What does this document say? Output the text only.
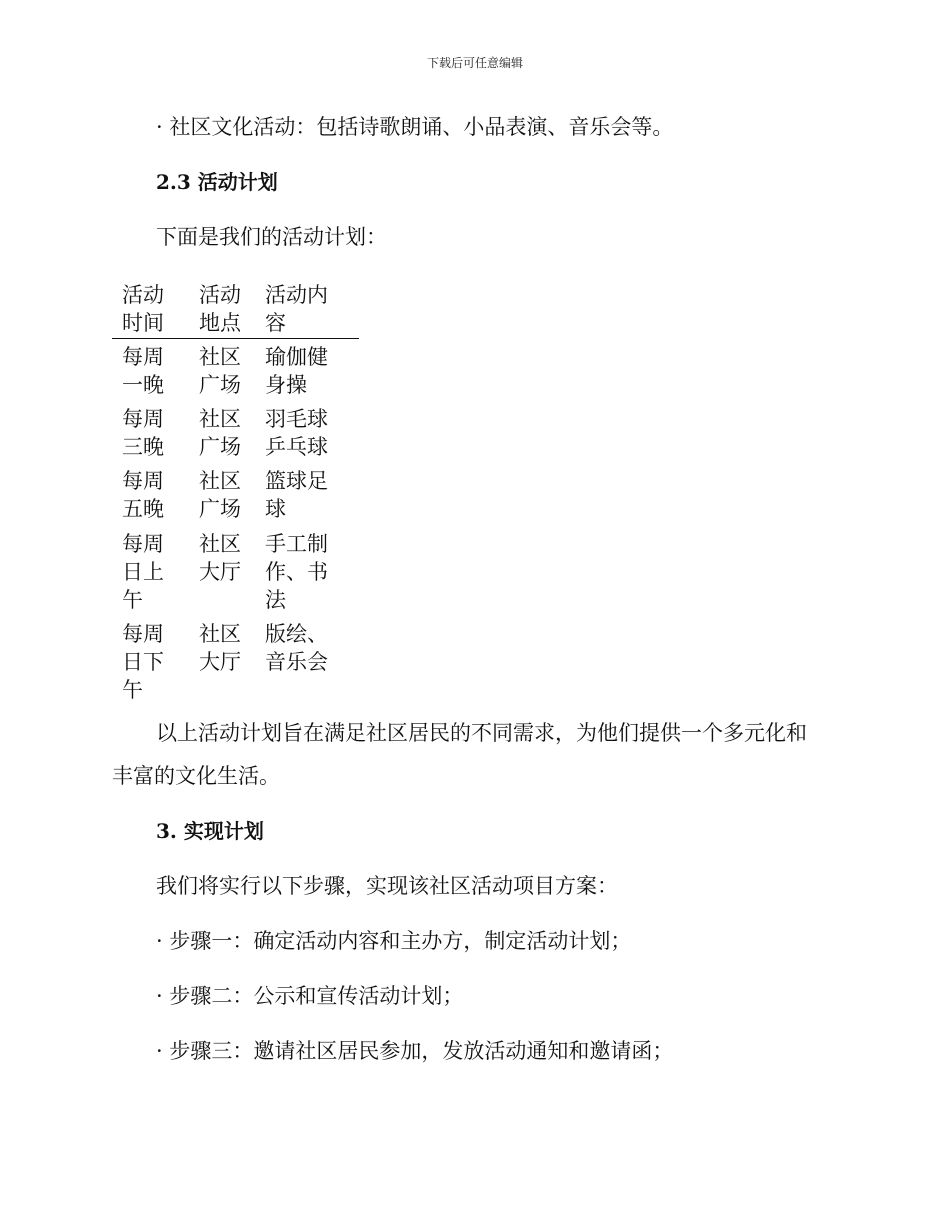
下载后可任意编辑
· 社区文化活动：包括诗歌朗诵、小品表演、音乐会等。
2.3 活动计划
下面是我们的活动计划：
活动
时间
活动
地点
活动内
容
每周
一晚
社区
广场
瑜伽健
身操
每周
三晚
社区
广场
羽毛球
乒乓球
每周
五晚
社区
广场
篮球足
球
每周
日上
午
社区
大厅
手工制
作、书
法
每周
日下
午
社区
大厅
版绘、
音乐会
以上活动计划旨在满足社区居民的不同需求，为他们提供一个多元化和
丰富的文化生活。
3. 实现计划
我们将实行以下步骤，实现该社区活动项目方案：
· 步骤一：确定活动内容和主办方，制定活动计划；
· 步骤二：公示和宣传活动计划；
· 步骤三：邀请社区居民参加，发放活动通知和邀请函；
